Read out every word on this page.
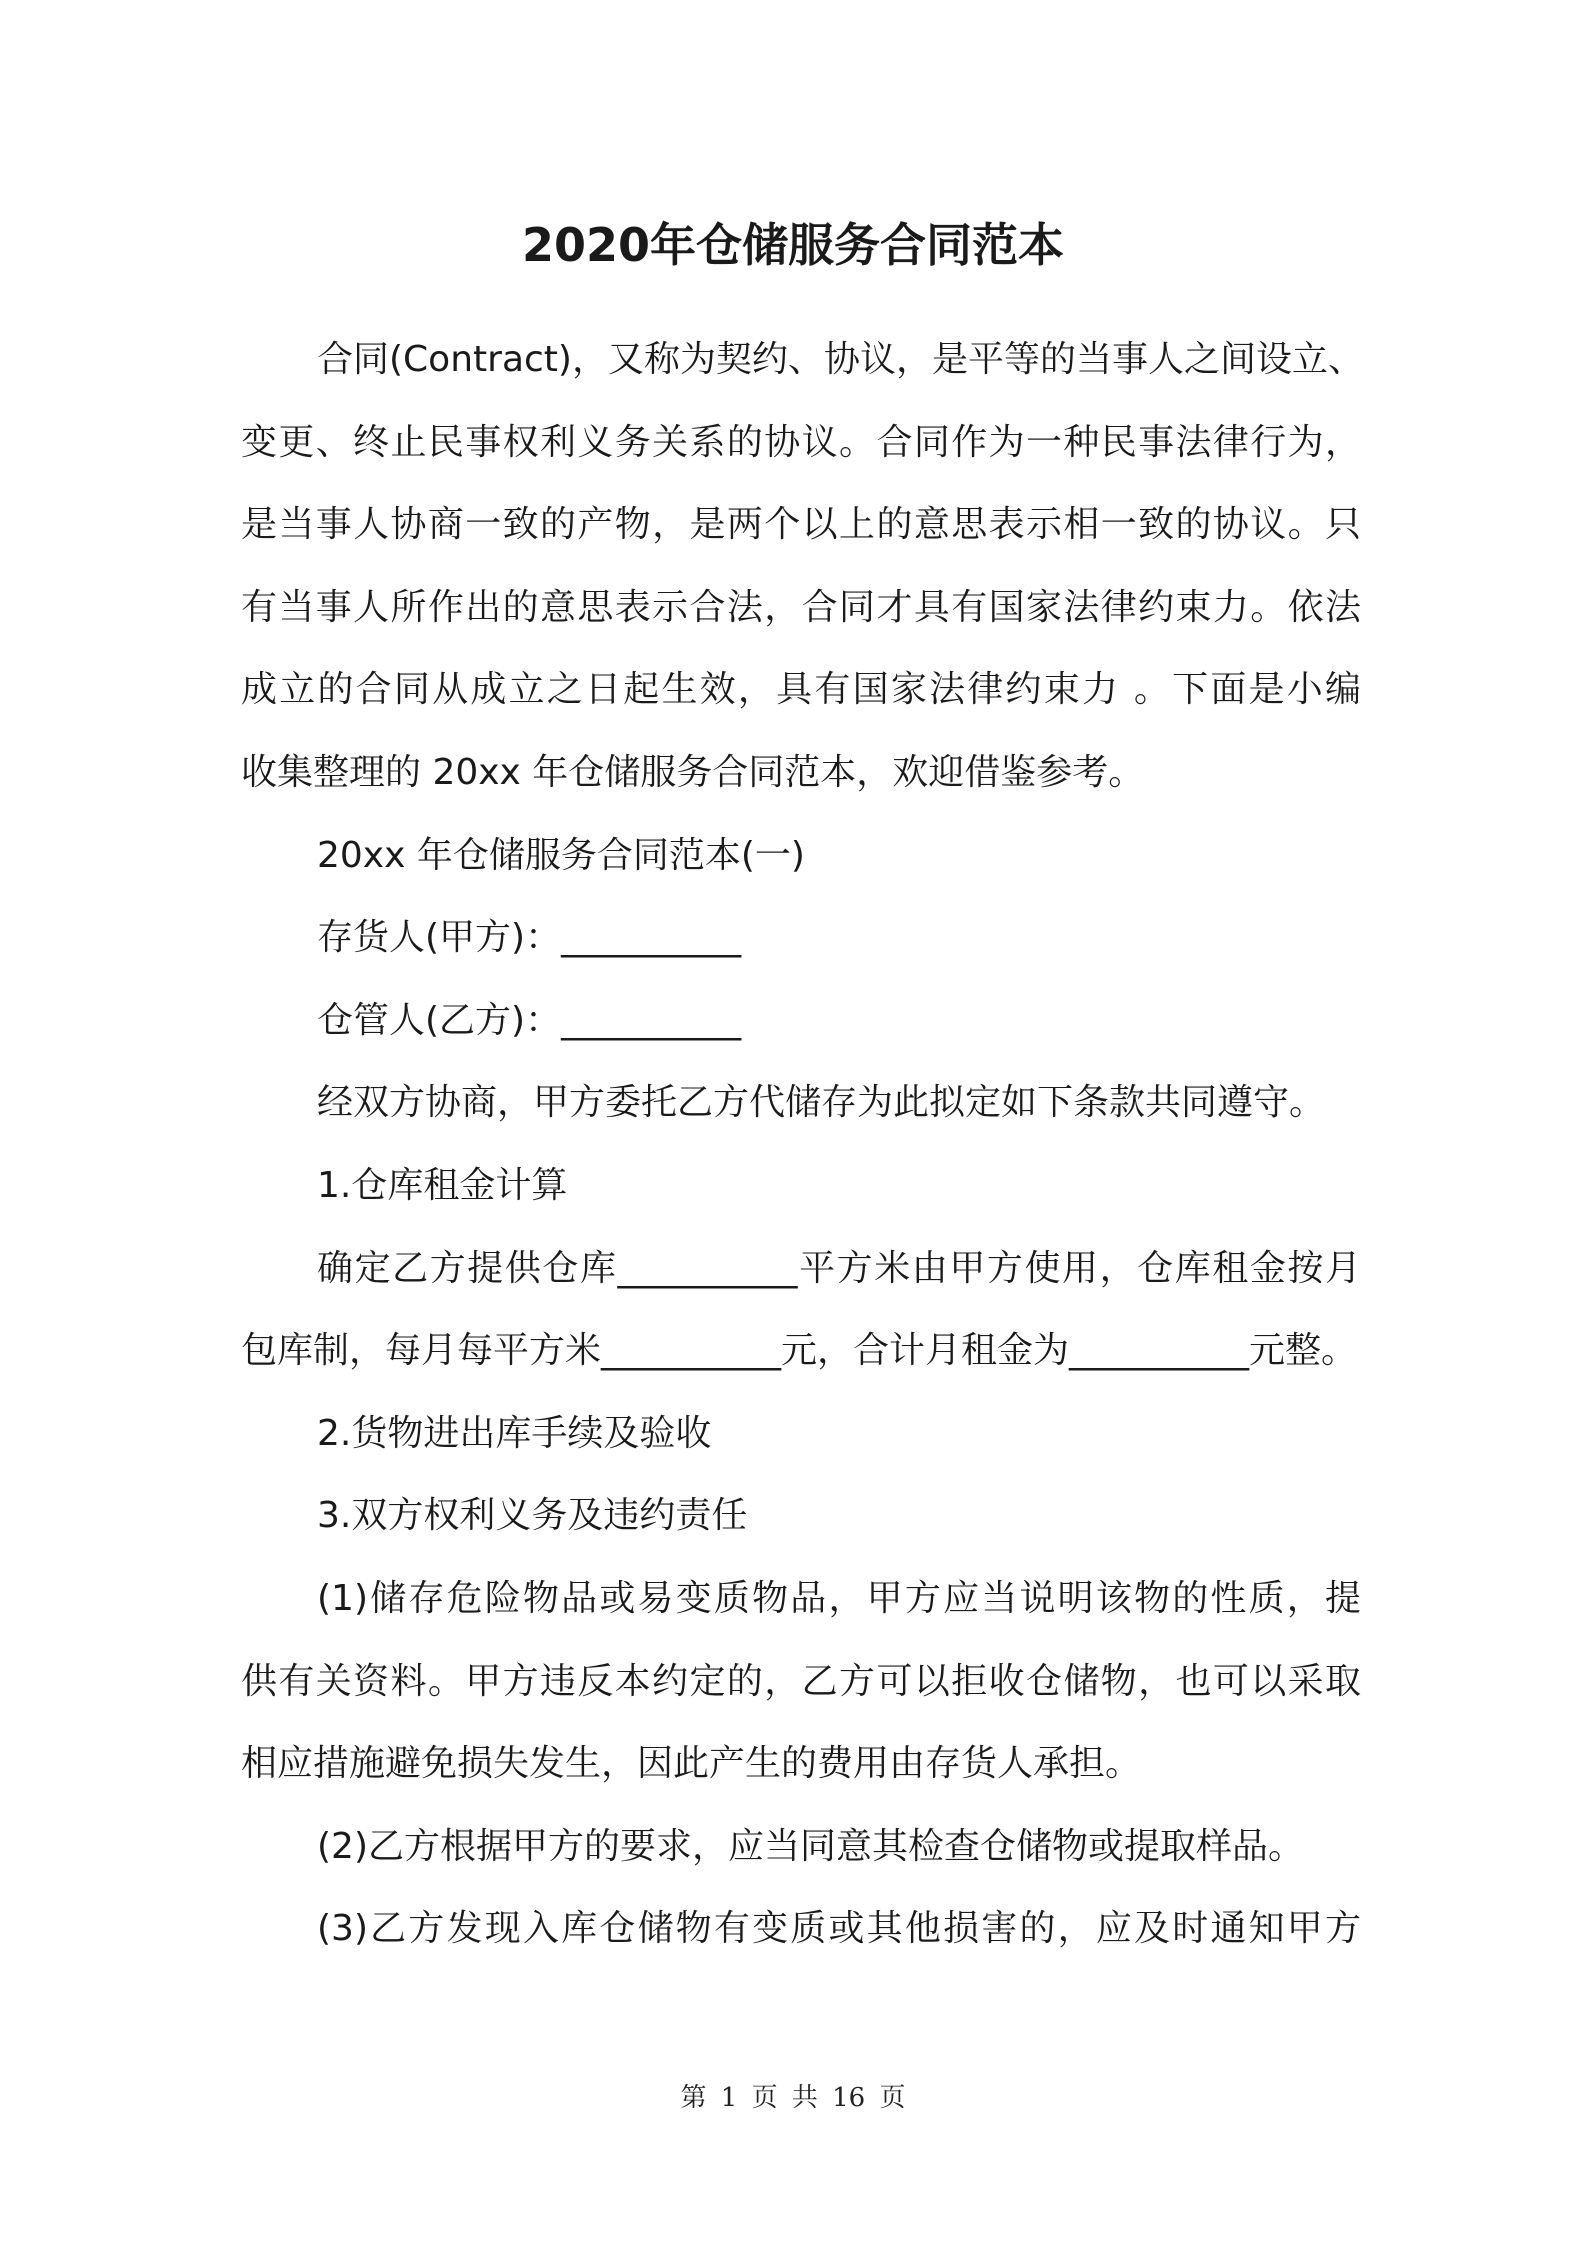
2020年仓储服务合同范本
合同(Contract)，又称为契约、协议，是平等的当事人之间设立、
变更、终止民事权利义务关系的协议。合同作为一种民事法律行为，
是当事人协商一致的产物，是两个以上的意思表示相一致的协议。只
有当事人所作出的意思表示合法，合同才具有国家法律约束力。依法
成立的合同从成立之日起生效，具有国家法律约束力 。下面是小编
收集整理的 20xx 年仓储服务合同范本，欢迎借鉴参考。
20xx 年仓储服务合同范本(一)
存货人(甲方)：__________
仓管人(乙方)：__________
经双方协商，甲方委托乙方代储存为此拟定如下条款共同遵守。
1.仓库租金计算
确定乙方提供仓库__________平方米由甲方使用，仓库租金按月
包库制，每月每平方米__________元，合计月租金为__________元整。
2.货物进出库手续及验收
3.双方权利义务及违约责任
(1)储存危险物品或易变质物品，甲方应当说明该物的性质，提
供有关资料。甲方违反本约定的，乙方可以拒收仓储物，也可以采取
相应措施避免损失发生，因此产生的费用由存货人承担。
(2)乙方根据甲方的要求，应当同意其检查仓储物或提取样品。
(3)乙方发现入库仓储物有变质或其他损害的，应及时通知甲方
第 1 页 共 16 页
